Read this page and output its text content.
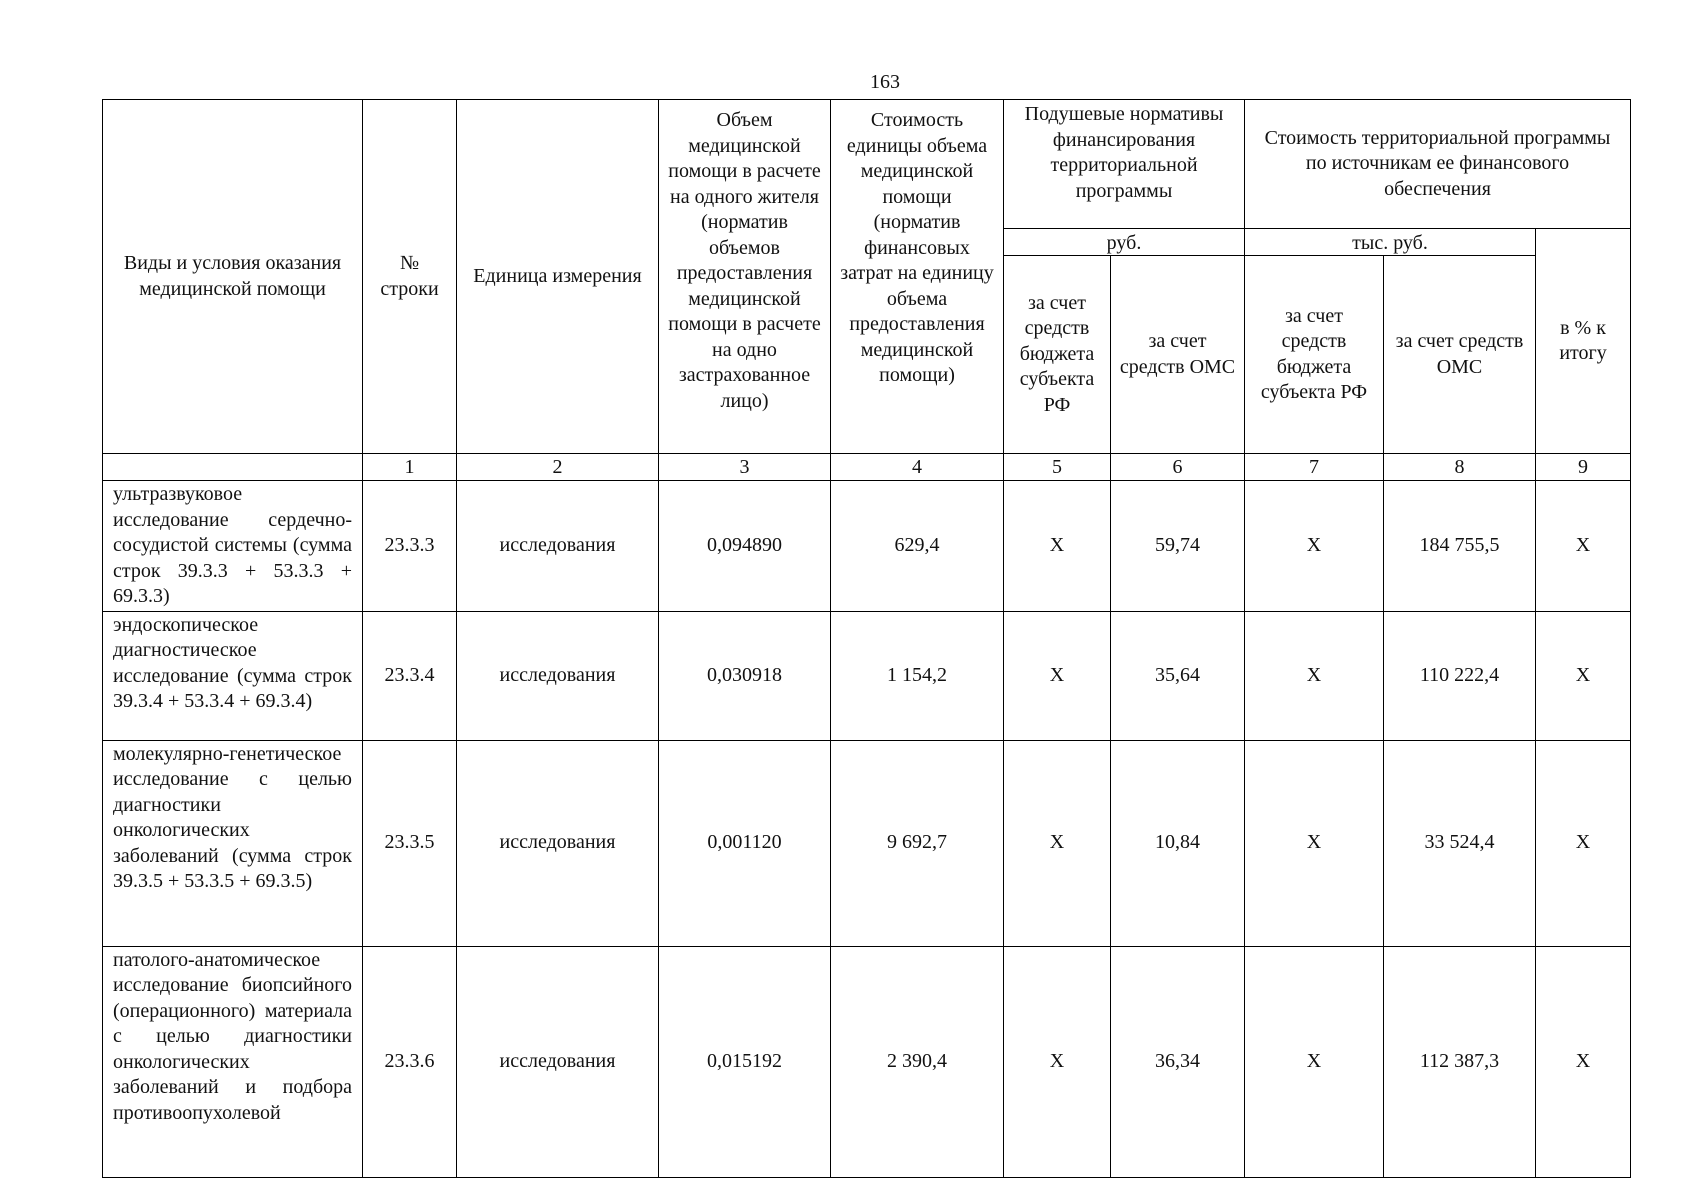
163
Виды и условия оказания медицинской помощи	№ строки	Единица измерения	Объем медицинской помощи в расчете на одного жителя (норматив объемов предоставления медицинской помощи в расчете на одно застрахованное лицо)	Стоимость единицы объема медицинской помощи (норматив финансовых затрат на единицу объема предоставления медицинской помощи)	Подушевые нормативы финансирования территориальной программы		Стоимость территориальной программы по источникам ее финансового обеспечения		
					руб.		тыс. руб.		в % к итогу
					за счет средств бюджета субъекта РФ	за счет средств ОМС	за счет средств бюджета субъекта РФ	за счет средств ОМС	
	1	2	3	4	5	6	7	8	9
ультразвуковое исследование сердечно-сосудистой системы (сумма строк 39.3.3 + 53.3.3 + 69.3.3)	23.3.3	исследования	0,094890	629,4	Х	59,74	Х	184 755,5	Х
эндоскопическое диагностическое исследование (сумма строк 39.3.4 + 53.3.4 + 69.3.4)	23.3.4	исследования	0,030918	1 154,2	Х	35,64	Х	110 222,4	Х
молекулярно-генетическое исследование с целью диагностики онкологических заболеваний (сумма строк 39.3.5 + 53.3.5 + 69.3.5)	23.3.5	исследования	0,001120	9 692,7	Х	10,84	Х	33 524,4	Х
патолого-анатомическое исследование биопсийного (операционного) материала с целью диагностики онкологических заболеваний и подбора противоопухолевой	23.3.6	исследования	0,015192	2 390,4	Х	36,34	Х	112 387,3	Х
